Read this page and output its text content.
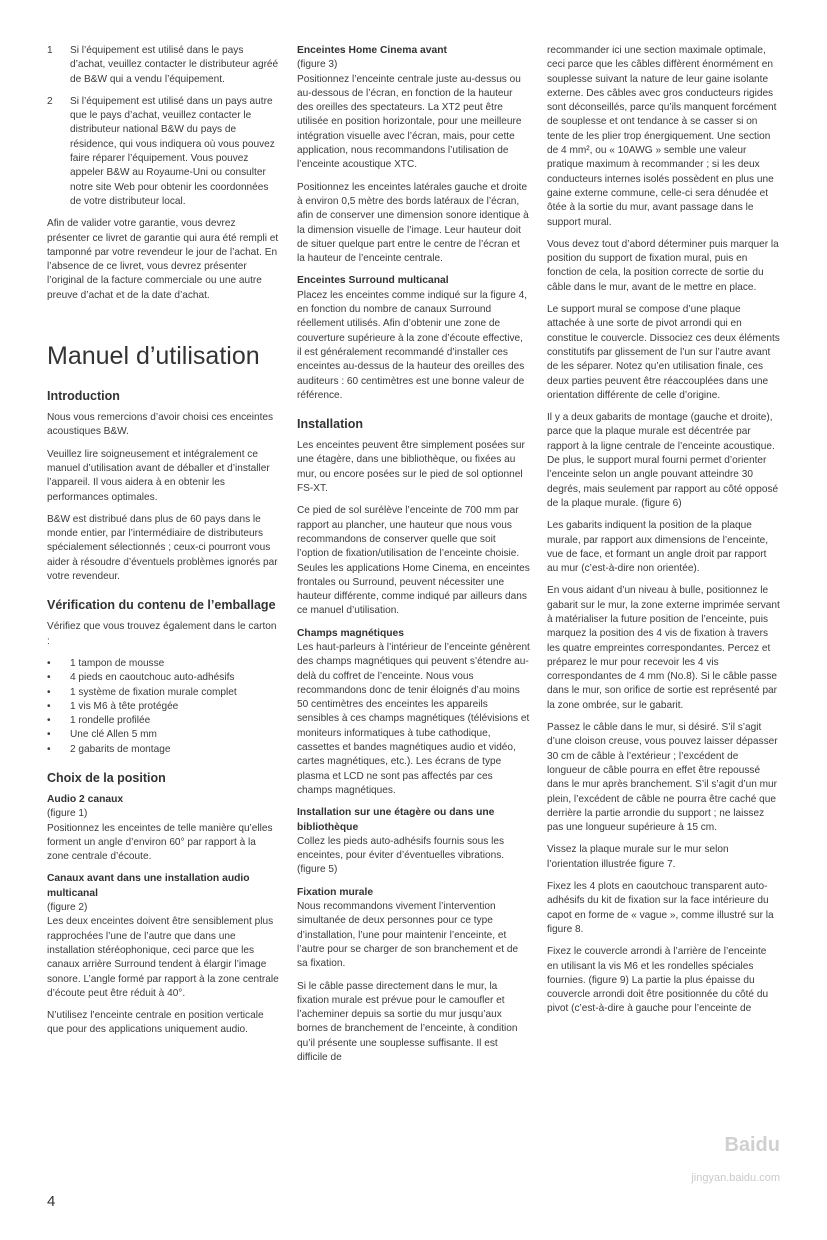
1	Si l’équipement est utilisé dans le pays d’achat, veuillez contacter le distributeur agréé de B&W qui a vendu l’équipement.
2	Si l’équipement est utilisé dans un pays autre que le pays d’achat, veuillez contacter le distributeur national B&W du pays de résidence, qui vous indiquera où vous pouvez faire réparer l’équipement. Vous pouvez appeler B&W au Royaume-Uni ou consulter notre site Web pour obtenir les coordonnées de votre distributeur local.

Afin de valider votre garantie, vous devrez présenter ce livret de garantie qui aura été rempli et tamponné par votre revendeur le jour de l’achat. En l’absence de ce livret, vous devrez présenter l’original de la facture commerciale ou une autre preuve d’achat et de la date d’achat.

Manuel d’utilisation
Introduction

Nous vous remercions d’avoir choisi ces enceintes acoustiques B&W.

Veuillez lire soigneusement et intégralement ce manuel d’utilisation avant de déballer et d’installer l’appareil. Il vous aidera à en obtenir les performances optimales.

B&W est distribué dans plus de 60 pays dans le monde entier, par l’intermédiaire de distributeurs spécialement sélectionnés ; ceux-ci pourront vous aider à résoudre d’éventuels problèmes ignorés par votre revendeur.

Vérification du contenu de l’emballage

Vérifiez que vous trouvez également dans le carton :

•	1 tampon de mousse
•	4 pieds en caoutchouc auto-adhésifs
•	1 système de fixation murale complet
•	1 vis M6 à tête protégée
•	1 rondelle profilée
•	Une clé Allen 5 mm
•	2 gabarits de montage
Choix de la position
Audio 2 canaux
(figure 1)

Positionnez les enceintes de telle manière qu’elles forment un angle d’environ 60° par rapport à la zone centrale d’écoute.

Canaux avant dans une installation audio multicanal
(figure 2)

Les deux enceintes doivent être sensiblement plus rapprochées l’une de l’autre que dans une installation stéréophonique, ceci parce que les canaux arrière Surround tendent à élargir l’image sonore. L’angle formé par rapport à la zone centrale d’écoute peut être réduit à 40°.

N’utilisez l’enceinte centrale en position verticale que pour des applications uniquement audio.

Enceintes Home Cinema avant
(figure 3)

Positionnez l’enceinte centrale juste au-dessus ou au-dessous de l’écran, en fonction de la hauteur des oreilles des spectateurs. La XT2 peut être utilisée en position horizontale, pour une meilleure intégration visuelle avec l’écran, mais, pour cette application, nous recommandons l’utilisation de l’enceinte acoustique XTC.

Positionnez les enceintes latérales gauche et droite à environ 0,5 mètre des bords latéraux de l’écran, afin de conserver une dimension sonore identique à la dimension visuelle de l’image. Leur hauteur doit de situer quelque part entre le centre de l’écran et la hauteur de l’enceinte centrale.

Enceintes Surround multicanal

Placez les enceintes comme indiqué sur la figure 4, en fonction du nombre de canaux Surround réellement utilisés. Afin d’obtenir une zone de couverture supérieure à la zone d’écoute effective, il est généralement recommandé d’installer ces enceintes au-dessus de la hauteur des oreilles des auditeurs : 60 centimètres est une bonne valeur de référence.

Installation

Les enceintes peuvent être simplement posées sur une étagère, dans une bibliothèque, ou fixées au mur, ou encore posées sur le pied de sol optionnel FS-XT.

Ce pied de sol surélève l’enceinte de 700 mm par rapport au plancher, une hauteur que nous vous recommandons de conserver quelle que soit l’option de fixation/utilisation de l’enceinte choisie. Seules les applications Home Cinema, en enceintes frontales ou Surround, peuvent nécessiter une hauteur différente, comme indiqué par ailleurs dans ce manuel d’utilisation.

Champs magnétiques

Les haut-parleurs à l’intérieur de l’enceinte génèrent des champs magnétiques qui peuvent s’étendre au-delà du coffret de l’enceinte. Nous vous recommandons donc de tenir éloignés d’au moins 50 centimètres des enceintes les appareils sensibles à ces champs magnétiques (télévisions et moniteurs informatiques à tube cathodique, cassettes et bandes magnétiques audio et vidéo, cartes magnétiques, etc.). Les écrans de type plasma et LCD ne sont pas affectés par ces champs magnétiques.

Installation sur une étagère ou dans une bibliothèque

Collez les pieds auto-adhésifs fournis sous les enceintes, pour éviter d’éventuelles vibrations. (figure 5)

Fixation murale

Nous recommandons vivement l’intervention simultanée de deux personnes pour ce type d’installation, l’une pour maintenir l’enceinte, et l’autre pour se charger de son branchement et de sa fixation.

Si le câble passe directement dans le mur, la fixation murale est prévue pour le camoufler et l’acheminer depuis sa sortie du mur jusqu’aux bornes de branchement de l’enceinte, à condition qu’il présente une souplesse suffisante. Il est difficile de

recommander ici une section maximale optimale, ceci parce que les câbles diffèrent énormément en souplesse suivant la nature de leur gaine isolante externe. Des câbles avec gros conducteurs rigides sont déconseillés, parce qu’ils manquent forcément de souplesse et ont tendance à se casser si on tente de les plier trop énergiquement. Une section de 4 mm², ou « 10AWG » semble une valeur pratique maximum à recommander ; si les deux conducteurs internes isolés possèdent en plus une gaine externe commune, celle-ci sera dénudée et ôtée à la sortie du mur, avant passage dans le support mural.

Vous devez tout d’abord déterminer puis marquer la position du support de fixation mural, puis en fonction de cela, la position correcte de sortie du câble dans le mur, avant de le mettre en place.

Le support mural se compose d’une plaque attachée à une sorte de pivot arrondi qui en constitue le couvercle. Dissociez ces deux éléments constitutifs par glissement de l’un sur l’autre avant de les séparer. Notez qu’en utilisation finale, ces deux parties peuvent être réaccouplées dans une orientation différente de celle d’origine.

Il y a deux gabarits de montage (gauche et droite), parce que la plaque murale est décentrée par rapport à la ligne centrale de l’enceinte acoustique. De plus, le support mural fourni permet d’orienter l’enceinte selon un angle pouvant atteindre 30 degrés, mais seulement par rapport au côté opposé de la plaque murale. (figure 6)

Les gabarits indiquent la position de la plaque murale, par rapport aux dimensions de l’enceinte, vue de face, et formant un angle droit par rapport au mur (c’est-à-dire non orientée).

En vous aidant d’un niveau à bulle, positionnez le gabarit sur le mur, la zone externe imprimée servant à matérialiser la future position de l’enceinte, puis marquez la position des 4 vis de fixation à travers les quatre empreintes correspondantes. Percez et préparez le mur pour recevoir les 4 vis correspondantes de 4 mm (No.8). Si le câble passe dans le mur, son orifice de sortie est représenté par la zone ombrée, sur le gabarit.

Passez le câble dans le mur, si désiré. S’il s’agit d’une cloison creuse, vous pouvez laisser dépasser 30 cm de câble à l’extérieur ; l’excédent de longueur de câble pourra en effet être repoussé dans le mur après branchement. S’il s’agit d’un mur plein, l’excédent de câble ne pourra être caché que derrière la partie arrondie du support ; ne laissez pas une longueur supérieure à 15 cm.

Vissez la plaque murale sur le mur selon l’orientation illustrée figure 7.

Fixez les 4 plots en caoutchouc transparent auto-adhésifs du kit de fixation sur la face intérieure du capot en forme de « vague », comme illustré sur la figure 8.

Fixez le couvercle arrondi à l’arrière de l’enceinte en utilisant la vis M6 et les rondelles spéciales fournies. (figure 9) La partie la plus épaisse du couvercle arrondi doit être positionnée du côté du pivot (c’est-à-dire à gauche pour l’enceinte de

4
Baidu
jingyan.baidu.com
